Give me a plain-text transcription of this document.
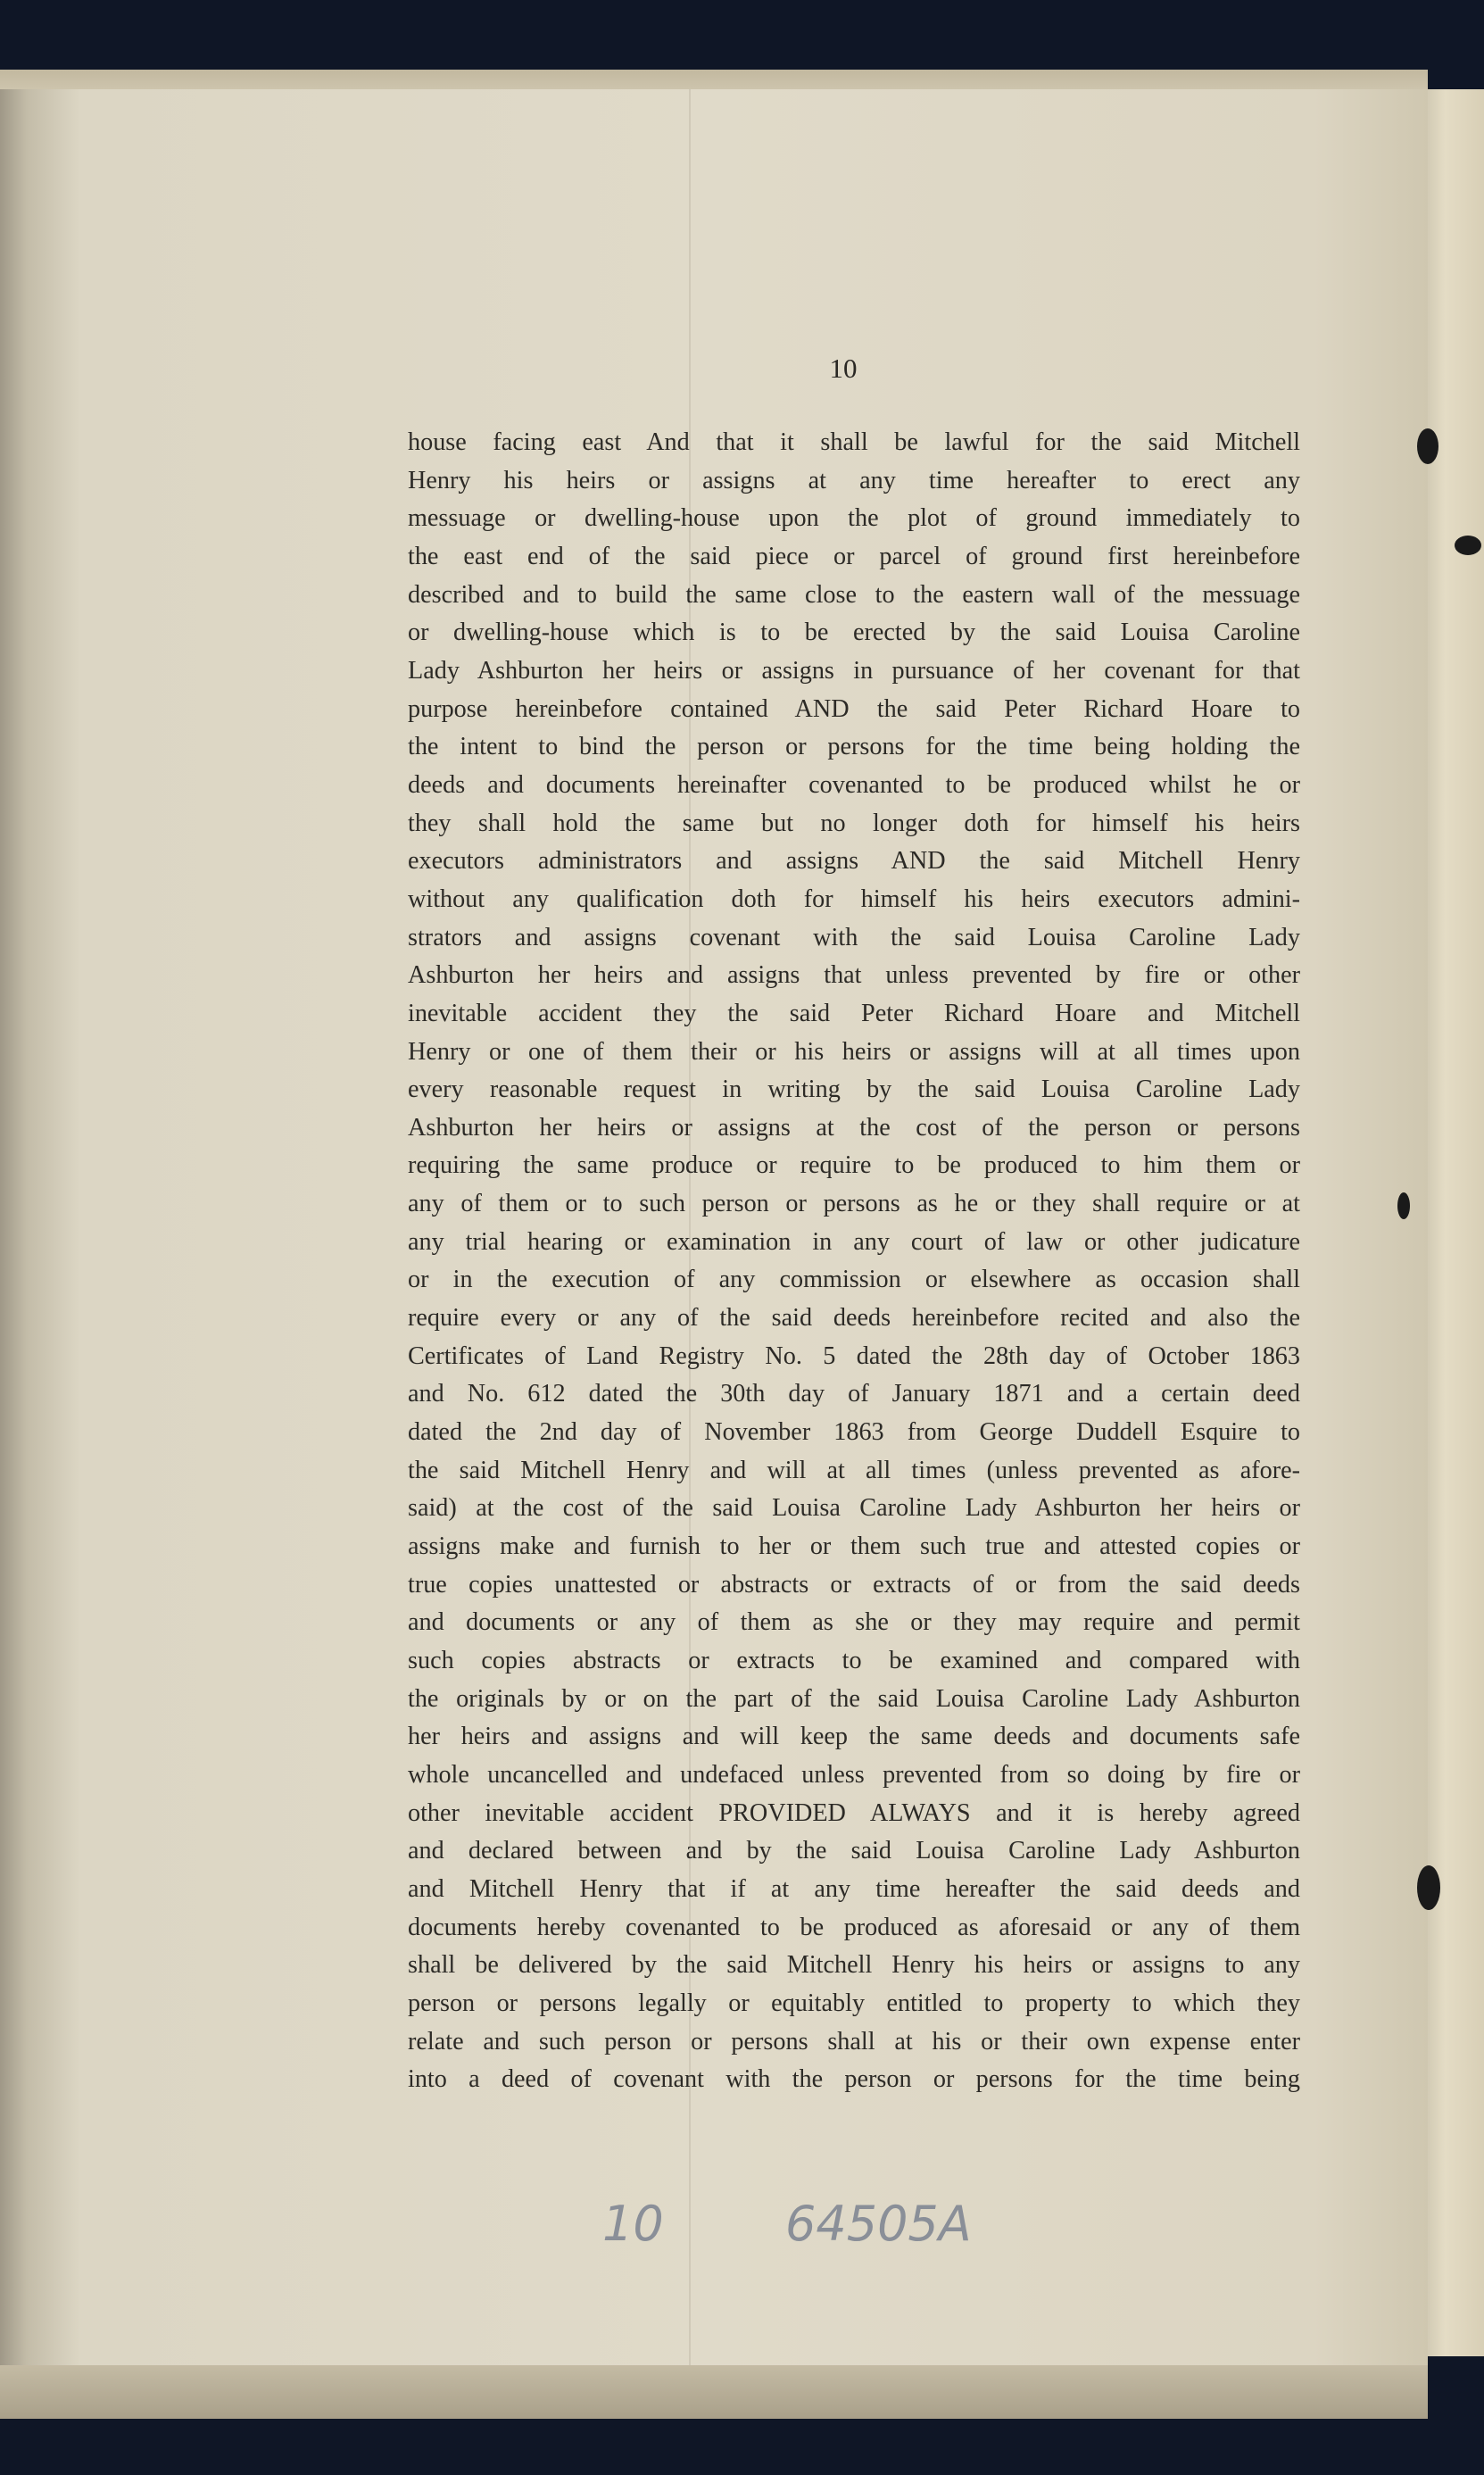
10
house facing east And that it shall be lawful for the said Mitchell
Henry his heirs or assigns at any time hereafter to erect any
messuage or dwelling-house upon the plot of ground immediately to
the east end of the said piece or parcel of ground first hereinbefore
described and to build the same close to the eastern wall of the messuage
or dwelling-house which is to be erected by the said Louisa Caroline
Lady Ashburton her heirs or assigns in pursuance of her covenant for that
purpose hereinbefore contained AND the said Peter Richard Hoare to
the intent to bind the person or persons for the time being holding the
deeds and documents hereinafter covenanted to be produced whilst he or
they shall hold the same but no longer doth for himself his heirs
executors administrators and assigns AND the said Mitchell Henry
without any qualification doth for himself his heirs executors admini-
strators and assigns covenant with the said Louisa Caroline Lady
Ashburton her heirs and assigns that unless prevented by fire or other
inevitable accident they the said Peter Richard Hoare and Mitchell
Henry or one of them their or his heirs or assigns will at all times upon
every reasonable request in writing by the said Louisa Caroline Lady
Ashburton her heirs or assigns at the cost of the person or persons
requiring the same produce or require to be produced to him them or
any of them or to such person or persons as he or they shall require or at
any trial hearing or examination in any court of law or other judicature
or in the execution of any commission or elsewhere as occasion shall
require every or any of the said deeds hereinbefore recited and also the
Certificates of Land Registry No. 5 dated the 28th day of October 1863
and No. 612 dated the 30th day of January 1871 and a certain deed
dated the 2nd day of November 1863 from George Duddell Esquire to
the said Mitchell Henry and will at all times (unless prevented as afore-
said) at the cost of the said Louisa Caroline Lady Ashburton her heirs or
assigns make and furnish to her or them such true and attested copies or
true copies unattested or abstracts or extracts of or from the said deeds
and documents or any of them as she or they may require and permit
such copies abstracts or extracts to be examined and compared with
the originals by or on the part of the said Louisa Caroline Lady Ashburton
her heirs and assigns and will keep the same deeds and documents safe
whole uncancelled and undefaced unless prevented from so doing by fire or
other inevitable accident PROVIDED ALWAYS and it is hereby agreed
and declared between and by the said Louisa Caroline Lady Ashburton
and Mitchell Henry that if at any time hereafter the said deeds and
documents hereby covenanted to be produced as aforesaid or any of them
shall be delivered by the said Mitchell Henry his heirs or assigns to any
person or persons legally or equitably entitled to property to which they
relate and such person or persons shall at his or their own expense enter
into a deed of covenant with the person or persons for the time being
10	64505A
